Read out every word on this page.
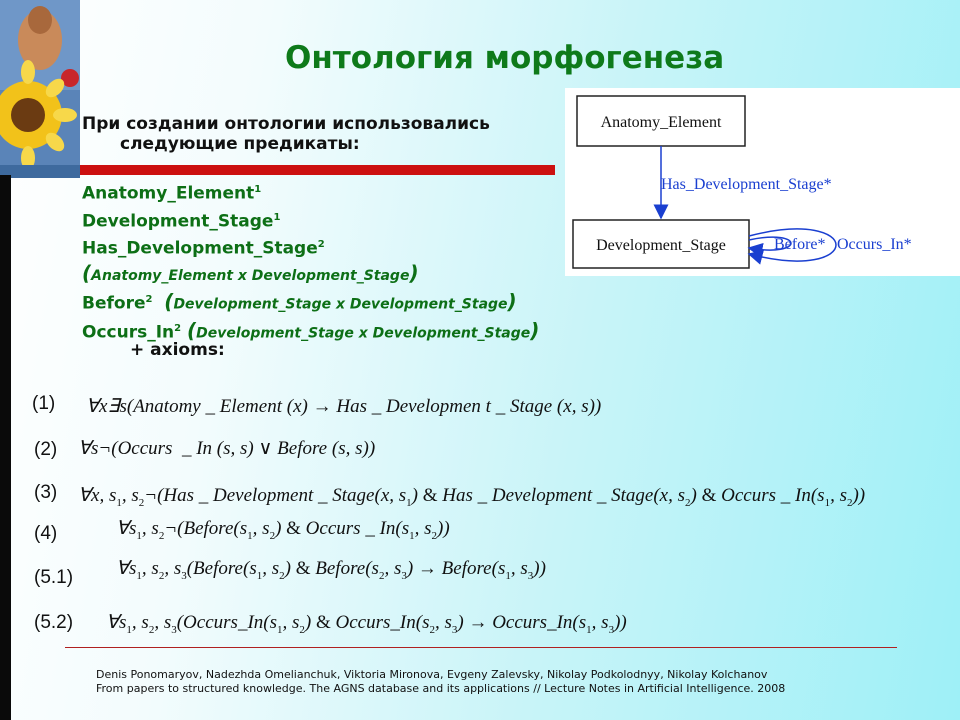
Онтология морфогенеза
При создании онтологии использовались
следующие предикаты:
Anatomy_Element$^1$
Development_Stage$^1$
Has_Development_Stage$^2$
(Anatomy_Element x Development_Stage)
Before$^2$ (Development_Stage x Development_Stage)
Occurs_In$^2$ (Development_Stage x Development_Stage)
+ axioms:
Anatomy_Element
Development_Stage
Has_Development_Stage*
Before* Occurs_In*
(1)
(2)
(3)
(4)
(5.1)
(5.2)
∀x∃s(Anatomy _ Element (x) → Has _ Developmen t _ Stage (x, s))
∀s¬(Occurs  _ In (s, s) ∨ Before (s, s))
∀x, $s_1$, $s_2\neg(Has$ _ Development _ Stage(x, $s_1$) & Has _ Development _ Stage(x, $s_2$) & Occurs _ $In(s_1$, $s_2$))
$\forall s_1$, $s_2\neg(Before(s_1$, $s_2$) & Occurs _ $In(s_1$, $s_2$))
$\forall s_1$, $s_2$, $s_3(Before(s_1$, $s_2$) & $Before(s_2$, $s_3$) → $Before(s_1$, $s_3$))
$\forall s_1$, $s_2$, $s_3(Occurs\_In(s_1$, $s_2$) & $Occurs\_In(s_2$, $s_3$) → $Occurs\_In(s_1$, $s_3$))
Denis Ponomaryov, Nadezhda Omelianchuk, Viktoria Mironova, Evgeny Zalevsky, Nikolay Podkolodnyy, Nikolay Kolchanov
From papers to structured knowledge. The AGNS database and its applications // Lecture Notes in Artificial Intelligence. 2008
